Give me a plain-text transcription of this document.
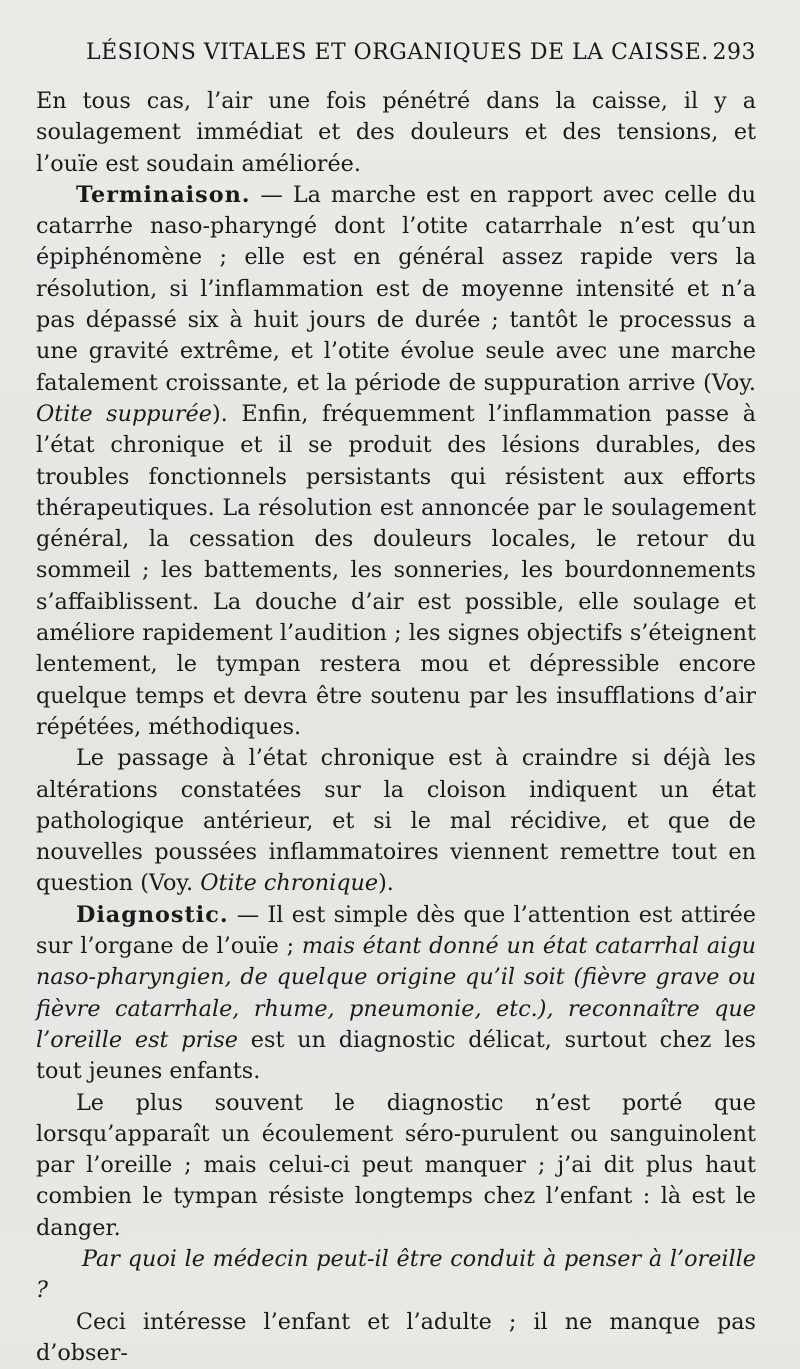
LÉSIONS VITALES ET ORGANIQUES DE LA CAISSE. 293

En tous cas, l’air une fois pénétré dans la caisse, il y a soulagement immédiat et des douleurs et des tensions, et l’ouïe est soudain améliorée.

Terminaison. — La marche est en rapport avec celle du catarrhe naso-pharyngé dont l’otite catarrhale n’est qu’un épiphénomène ; elle est en général assez rapide vers la résolution, si l’inflammation est de moyenne intensité et n’a pas dépassé six à huit jours de durée ; tantôt le processus a une gravité extrême, et l’otite évolue seule avec une marche fatalement croissante, et la période de suppuration arrive (Voy. Otite suppurée). Enfin, fréquemment l’inflammation passe à l’état chronique et il se produit des lésions durables, des troubles fonctionnels persistants qui résistent aux efforts thérapeutiques. La résolution est annoncée par le soulagement général, la cessation des douleurs locales, le retour du sommeil ; les battements, les sonneries, les bourdonnements s’affaiblissent. La douche d’air est possible, elle soulage et améliore rapidement l’audition ; les signes objectifs s’éteignent lentement, le tympan restera mou et dépressible encore quelque temps et devra être soutenu par les insufflations d’air répétées, méthodiques.

Le passage à l’état chronique est à craindre si déjà les altérations constatées sur la cloison indiquent un état pathologique antérieur, et si le mal récidive, et que de nouvelles poussées inflammatoires viennent remettre tout en question (Voy. Otite chronique).

Diagnostic. — Il est simple dès que l’attention est attirée sur l’organe de l’ouïe ; mais étant donné un état catarrhal aigu naso-pharyngien, de quelque origine qu’il soit (fièvre grave ou fièvre catarrhale, rhume, pneumonie, etc.), reconnaître que l’oreille est prise est un diagnostic délicat, surtout chez les tout jeunes enfants.

Le plus souvent le diagnostic n’est porté que lorsqu’apparaît un écoulement séro-purulent ou sanguinolent par l’oreille ; mais celui-ci peut manquer ; j’ai dit plus haut combien le tympan résiste longtemps chez l’enfant : là est le danger.

Par quoi le médecin peut-il être conduit à penser à l’oreille ?

Ceci intéresse l’enfant et l’adulte ; il ne manque pas d’obser-
